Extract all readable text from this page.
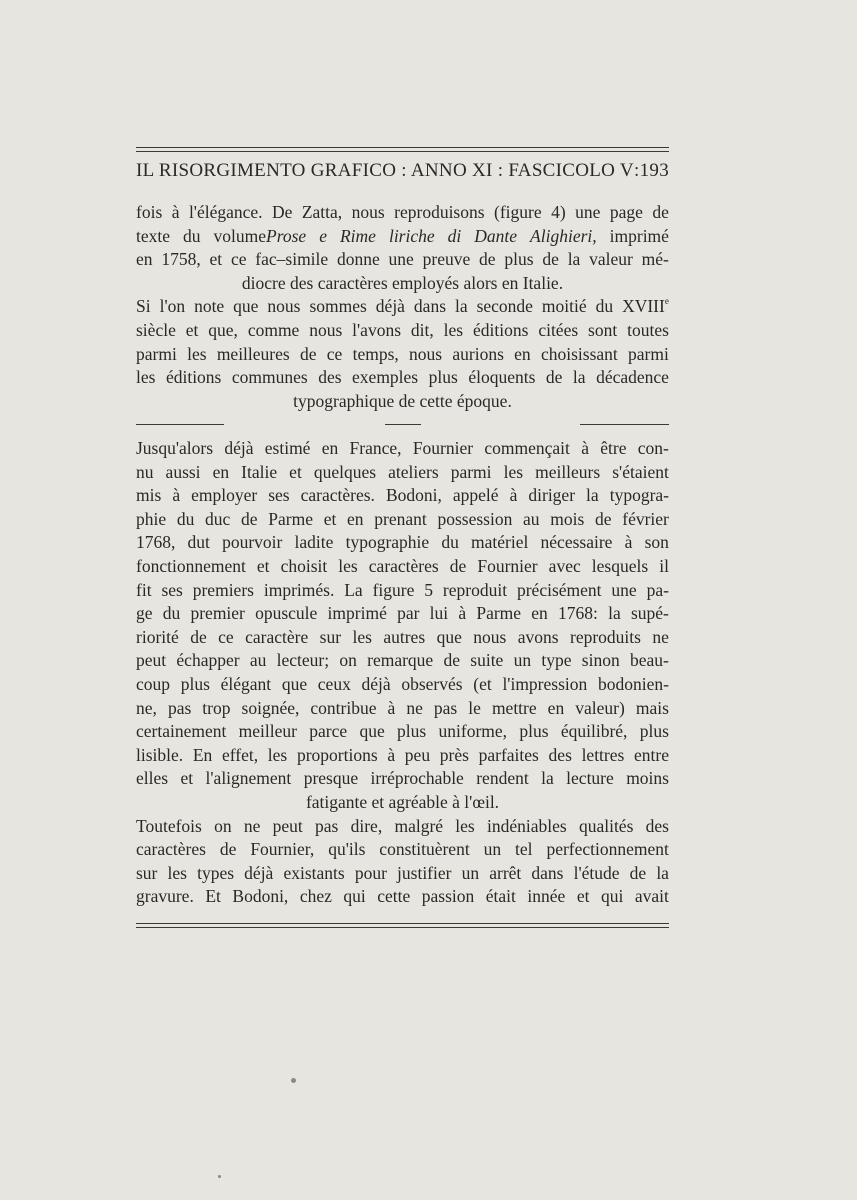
IL RISORGIMENTO GRAFICO : ANNO XI : FASCICOLO V : 193
fois à l'élégance. De Zatta, nous reproduisons (figure 4) une page de
texte du volumeProse e Rime liriche di Dante Alighieri, imprimé
en 1758, et ce fac–simile donne une preuve de plus de la valeur mé-
diocre des caractères employés alors en Italie.
Si l'on note que nous sommes déjà dans la seconde moitié du XVIIIe
siècle et que, comme nous l'avons dit, les éditions citées sont toutes
parmi les meilleures de ce temps, nous aurions en choisissant parmi
les éditions communes des exemples plus éloquents de la décadence
typographique de cette époque.
Jusqu'alors déjà estimé en France, Fournier commençait à être con-
nu aussi en Italie et quelques ateliers parmi les meilleurs s'étaient
mis à employer ses caractères. Bodoni, appelé à diriger la typogra-
phie du duc de Parme et en prenant possession au mois de février
1768, dut pourvoir ladite typographie du matériel nécessaire à son
fonctionnement et choisit les caractères de Fournier avec lesquels il
fit ses premiers imprimés. La figure 5 reproduit précisément une pa-
ge du premier opuscule imprimé par lui à Parme en 1768: la supé-
riorité de ce caractère sur les autres que nous avons reproduits ne
peut échapper au lecteur; on remarque de suite un type sinon beau-
coup plus élégant que ceux déjà observés (et l'impression bodonien-
ne, pas trop soignée, contribue à ne pas le mettre en valeur) mais
certainement meilleur parce que plus uniforme, plus équilibré, plus
lisible. En effet, les proportions à peu près parfaites des lettres entre
elles et l'alignement presque irréprochable rendent la lecture moins
fatigante et agréable à l'œil.
Toutefois on ne peut pas dire, malgré les indéniables qualités des
caractères de Fournier, qu'ils constituèrent un tel perfectionnement
sur les types déjà existants pour justifier un arrêt dans l'étude de la
gravure. Et Bodoni, chez qui cette passion était innée et qui avait
